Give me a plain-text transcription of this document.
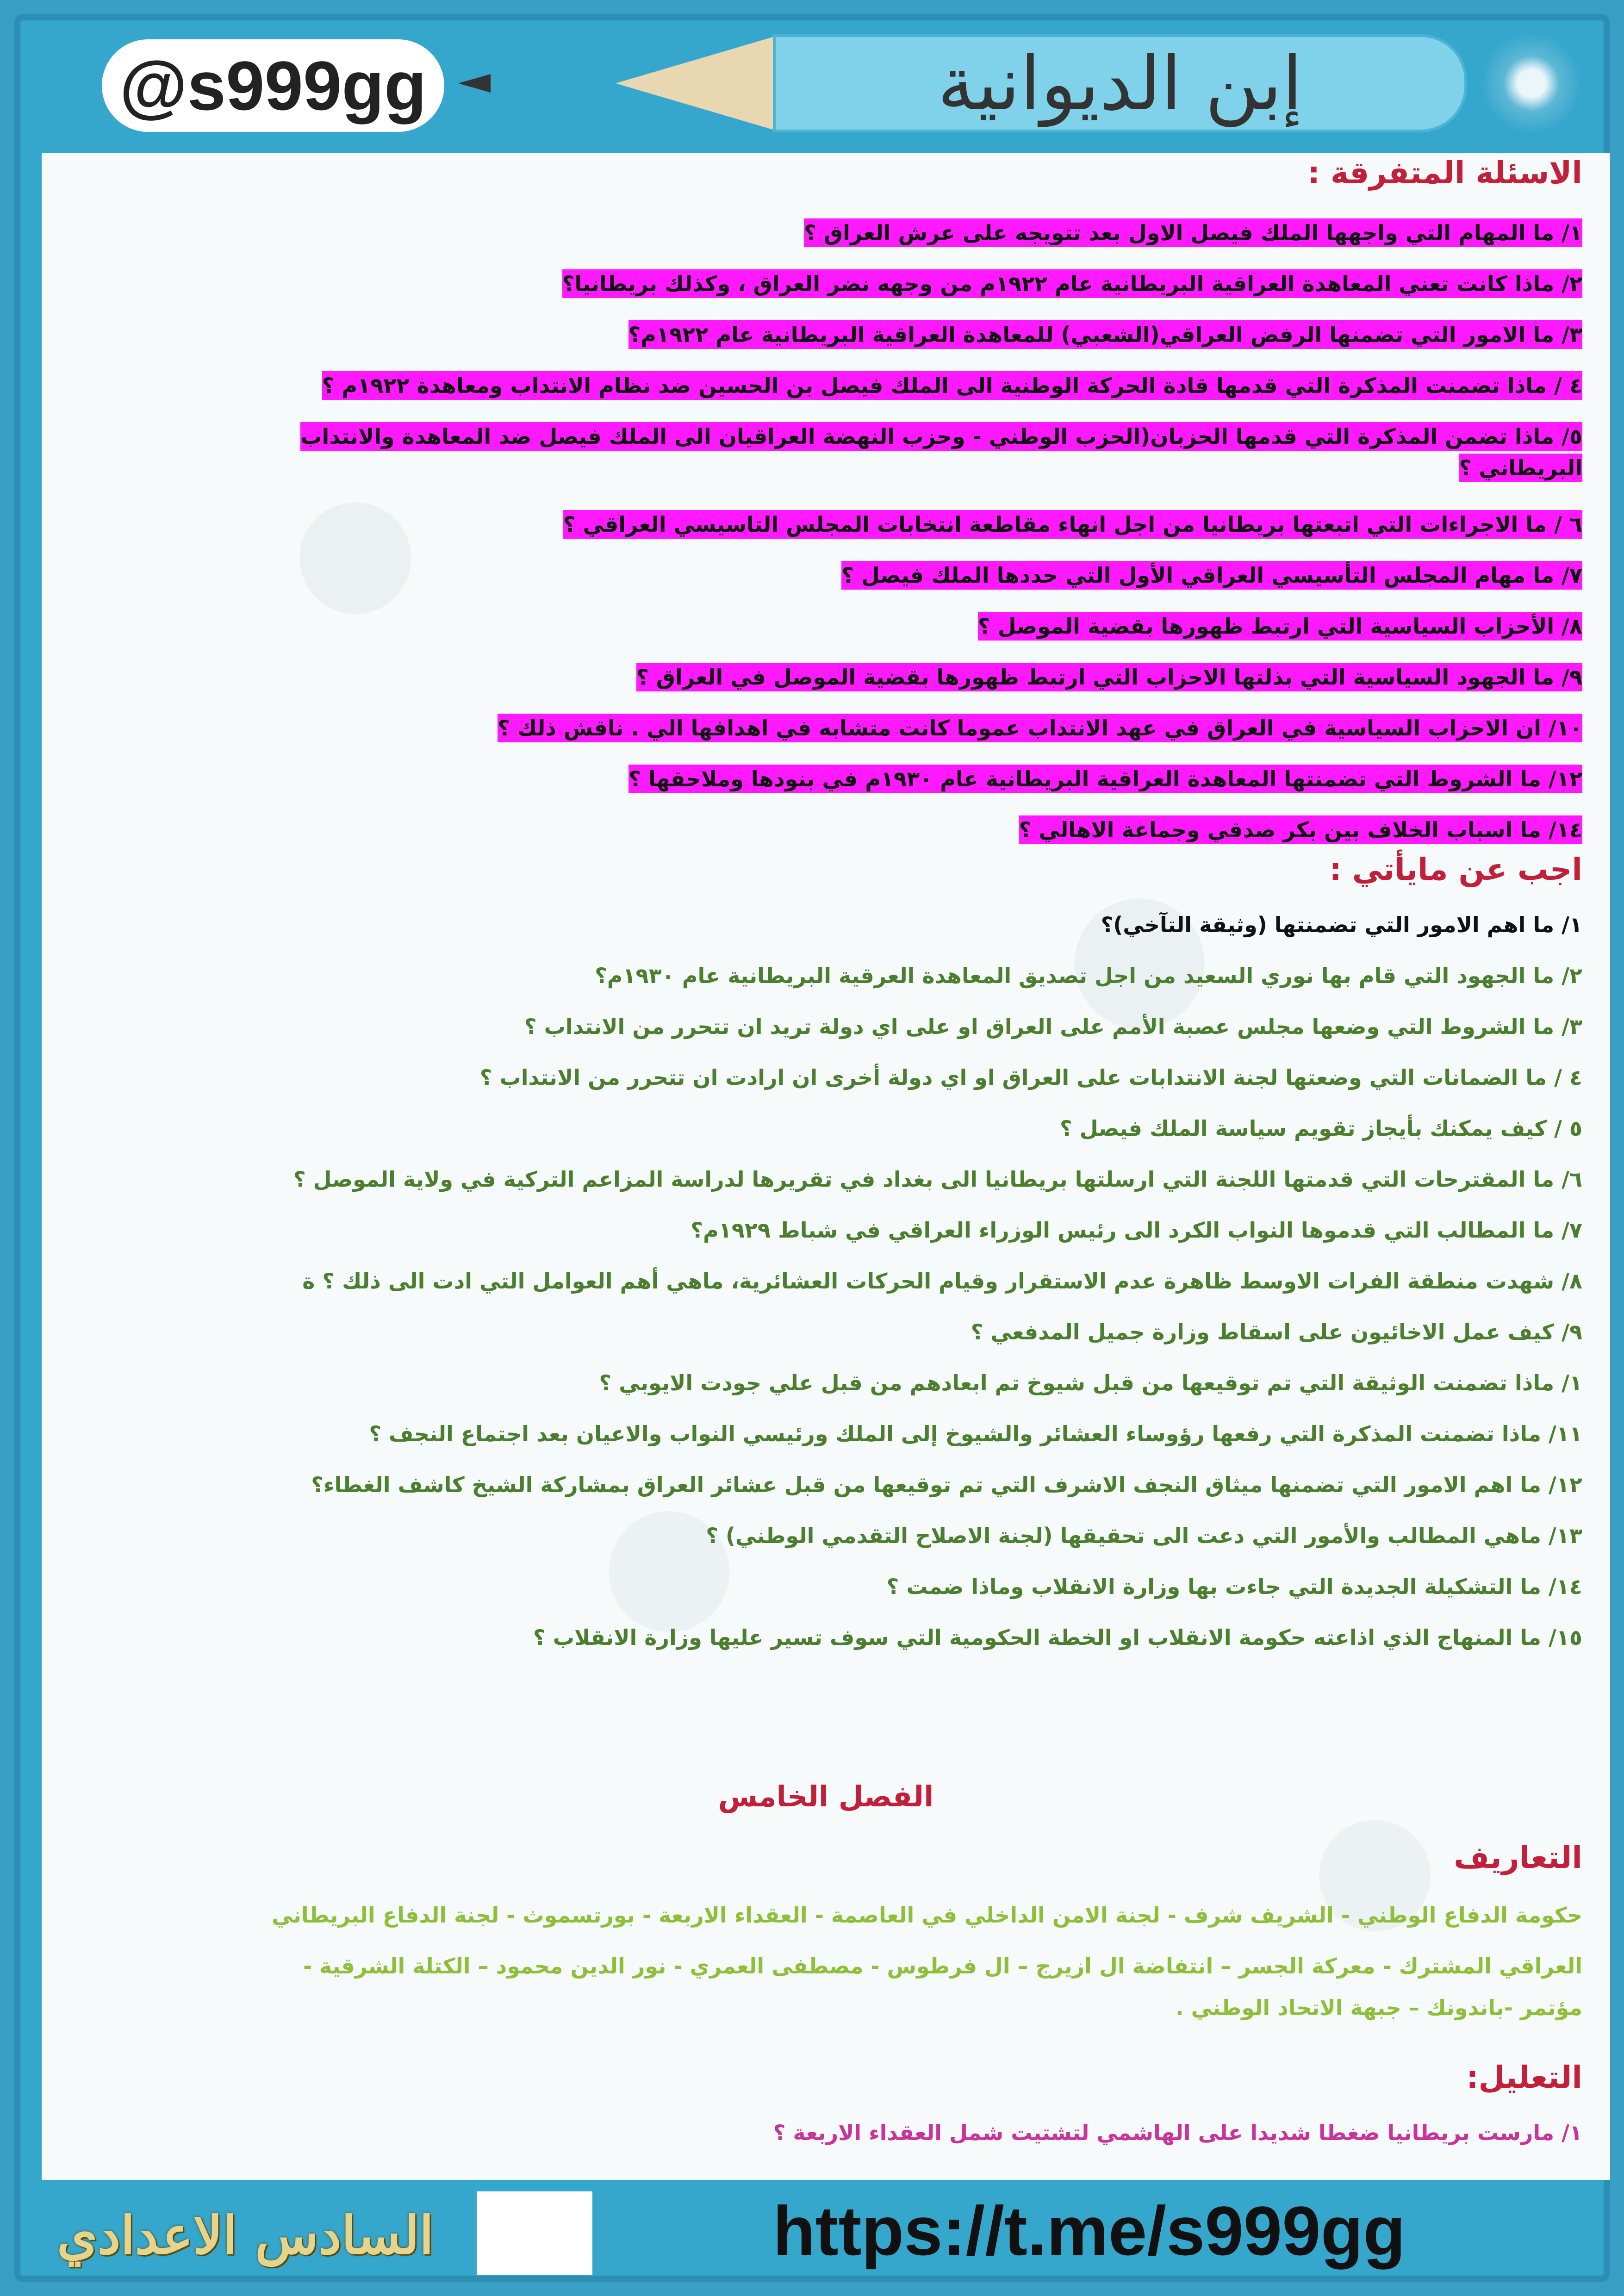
@s999gg	إبن الديوانية
الاسئلة المتفرقة :
١/ ما المهام التي واجهها الملك فيصل الاول بعد تتويجه على عرش العراق ؟
٢/ ماذا كانت تعني المعاهدة العراقية البريطانية عام ١٩٢٢م من وجهه نضر العراق ، وكذلك بريطانيا؟
٣/ ما الامور التي تضمنها الرفض العراقي(الشعبي) للمعاهدة العراقية البريطانية عام ١٩٢٢م؟
٤ / ماذا تضمنت المذكرة التي قدمها قادة الحركة الوطنية الى الملك فيصل بن الحسين ضد نظام الانتداب ومعاهدة ١٩٢٢م ؟
٥/ ماذا تضمن المذكرة التي قدمها الحزبان(الحزب الوطني - وحزب النهضة العراقيان الى الملك فيصل ضد المعاهدة والانتداب
البريطاني ؟
٦ / ما الاجراءات التي اتبعتها بريطانيا من اجل انهاء مقاطعة انتخابات المجلس التاسيسي العراقي ؟
٧/ ما مهام المجلس التأسيسي العراقي الأول التي حددها الملك فيصل ؟
٨/ الأحزاب السياسية التي ارتبط ظهورها بقضية الموصل ؟
٩/ ما الجهود السياسية التي بذلتها الاحزاب التي ارتبط ظهورها بقضية الموصل في العراق ؟
١٠/ ان الاحزاب السياسية في العراق في عهد الانتداب عموما كانت متشابه في اهدافها الي . ناقش ذلك ؟
١٢/ ما الشروط التي تضمنتها المعاهدة العراقية البريطانية عام ١٩٣٠م في بنودها وملاحقها ؟
١٤/ ما اسباب الخلاف بين بكر صدقي وجماعة الاهالي ؟
اجب عن مايأتي :
١/ ما اهم الامور التي تضمنتها (وثيقة التآخي)؟
٢/ ما الجهود التي قام بها نوري السعيد من اجل تصديق المعاهدة العرقية البريطانية عام ١٩٣٠م؟
٣/ ما الشروط التي وضعها مجلس عصبة الأمم على العراق او على اي دولة تريد ان تتحرر من الانتداب ؟
٤ / ما الضمانات التي وضعتها لجنة الانتدابات على العراق او اي دولة أخرى ان ارادت ان تتحرر من الانتداب ؟
٥ / كيف يمكنك بأيجاز تقويم سياسة الملك فيصل ؟
٦/ ما المقترحات التي قدمتها اللجنة التي ارسلتها بريطانيا الى بغداد في تقريرها لدراسة المزاعم التركية في ولاية الموصل ؟
٧/ ما المطالب التي قدموها النواب الكرد الى رئيس الوزراء العراقي في شباط ١٩٢٩م؟
٨/ شهدت منطقة الفرات الاوسط ظاهرة عدم الاستقرار وقيام الحركات العشائرية، ماهي أهم العوامل التي ادت الى ذلك ؟ ة
٩/ كيف عمل الاخائيون على اسقاط وزارة جميل المدفعي ؟
١/ ماذا تضمنت الوثيقة التي تم توقيعها من قبل شيوخ تم ابعادهم من قبل علي جودت الايوبي ؟
١١/ ماذا تضمنت المذكرة التي رفعها رؤوساء العشائر والشيوخ إلى الملك ورئيسي النواب والاعيان بعد اجتماع النجف ؟
١٢/ ما اهم الامور التي تضمنها ميثاق النجف الاشرف التي تم توقيعها من قبل عشائر العراق بمشاركة الشيخ كاشف الغطاء؟
١٣/ ماهي المطالب والأمور التي دعت الى تحقيقها (لجنة الاصلاح التقدمي الوطني) ؟
١٤/ ما التشكيلة الجديدة التي جاءت بها وزارة الانقلاب وماذا ضمت ؟
١٥/ ما المنهاج الذي اذاعته حكومة الانقلاب او الخطة الحكومية التي سوف تسير عليها وزارة الانقلاب ؟
الفصل الخامس
التعاريف
حكومة الدفاع الوطني - الشريف شرف - لجنة الامن الداخلي في العاصمة - العقداء الاربعة - بورتسموث - لجنة الدفاع البريطاني
العراقي المشترك - معركة الجسر – انتفاضة ال ازيرج – ال فرطوس - مصطفى العمري - نور الدين محمود – الكتلة الشرقية -
مؤتمر -باندونك – جبهة الاتحاد الوطني .
التعليل:
١/ مارست بريطانيا ضغطا شديدا على الهاشمي لتشتيت شمل العقداء الاربعة ؟
السادس الاعدادي	https://t.me/s999gg
